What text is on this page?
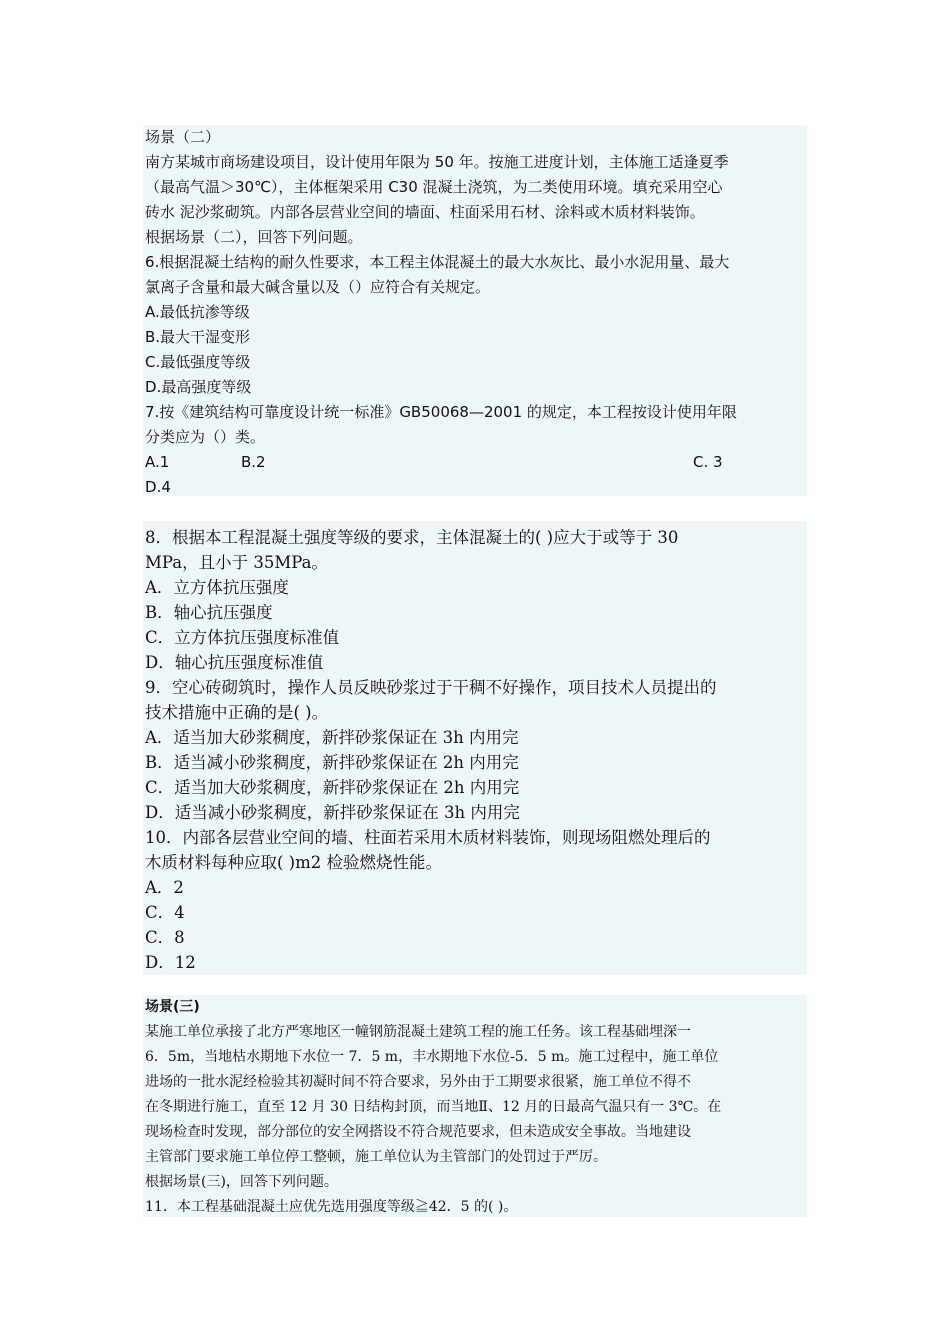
场景（二）
南方某城市商场建设项目，设计使用年限为 50 年。按施工进度计划，主体施工适逢夏季
（最高气温＞30℃），主体框架采用 C30 混凝土浇筑，为二类使用环境。填充采用空心
砖水 泥沙浆砌筑。内部各层营业空间的墙面、柱面采用石材、涂料或木质材料装饰。
根据场景（二），回答下列问题。
6.根据混凝土结构的耐久性要求，本工程主体混凝土的最大水灰比、最小水泥用量、最大
氯离子含量和最大碱含量以及（）应符合有关规定。
A.最低抗渗等级
B.最大干湿变形
C.最低强度等级
D.最高强度等级
7.按《建筑结构可靠度设计统一标准》GB50068—2001 的规定，本工程按设计使用年限
分类应为（）类。
A.1	B.2	C. 3
D.4
8．根据本工程混凝土强度等级的要求，主体混凝土的( )应大于或等于 30
MPa，且小于 35MPa。
A．立方体抗压强度
B．轴心抗压强度
C．立方体抗压强度标准值
D．轴心抗压强度标准值
9．空心砖砌筑时，操作人员反映砂浆过于干稠不好操作，项目技术人员提出的
技术措施中正确的是( )。
A．适当加大砂浆稠度，新拌砂浆保证在 3h 内用完
B．适当减小砂浆稠度，新拌砂浆保证在 2h 内用完
C．适当加大砂浆稠度，新拌砂浆保证在 2h 内用完
D．适当减小砂浆稠度，新拌砂浆保证在 3h 内用完
10．内部各层营业空间的墙、柱面若采用木质材料装饰，则现场阻燃处理后的
木质材料每种应取( )m2 检验燃烧性能。
A．2
C．4
C．8
D．12
场景(三)
某施工单位承接了北方严寒地区一幢钢筋混凝土建筑工程的施工任务。该工程基础埋深一
6．5m，当地枯水期地下水位一 7．5 m，丰水期地下水位-5．5 m。施工过程中，施工单位
进场的一批水泥经检验其初凝时间不符合要求，另外由于工期要求很紧，施工单位不得不
在冬期进行施工，直至 12 月 30 日结构封顶，而当地Ⅱ、12 月的日最高气温只有一 3℃。在
现场检查时发现，部分部位的安全网搭设不符合规范要求，但未造成安全事故。当地建设
主管部门要求施工单位停工整顿，施工单位认为主管部门的处罚过于严厉。
根据场景(三)，回答下列问题。
11．本工程基础混凝土应优先选用强度等级≧42．5 的( )。
